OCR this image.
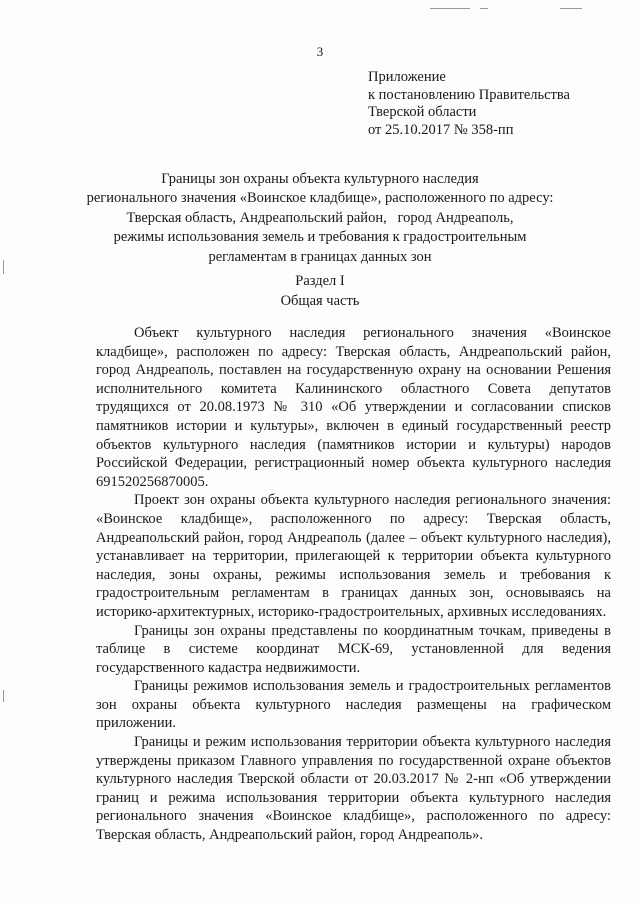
3
Приложение
к постановлению Правительства
Тверской области
от 25.10.2017 № 358-пп
Границы зон охраны объекта культурного наследия
регионального значения «Воинское кладбище», расположенного по адресу:
Тверская область, Андреапольский район,   город Андреаполь,
режимы использования земель и требования к градостроительным
регламентам в границах данных зон
Раздел I
Общая часть

Объект культурного наследия регионального значения «Воинское кладбище», расположен по адресу: Тверская область, Андреапольский район, город Андреаполь, поставлен на государственную охрану на основании Решения исполнительного комитета Калининского областного Совета депутатов трудящихся от 20.08.1973 № 310 «Об утверждении и согласовании списков памятников истории и культуры», включен в единый государственный реестр объектов культурного наследия (памятников истории и культуры) народов Российской Федерации, регистрационный номер объекта культурного наследия 691520256870005.

Проект зон охраны объекта культурного наследия регионального значения: «Воинское кладбище», расположенного по адресу: Тверская область, Андреапольский район, город Андреаполь (далее – объект культурного наследия), устанавливает на территории, прилегающей к территории объекта культурного наследия, зоны охраны, режимы использования земель и требования к градостроительным регламентам в границах данных зон, основываясь на историко-архитектурных, историко-градостроительных, архивных исследованиях.

Границы зон охраны представлены по координатным точкам, приведены в таблице в системе координат МСК-69, установленной для ведения государственного кадастра недвижимости.

Границы режимов использования земель и градостроительных регламентов зон охраны объекта культурного наследия размещены на графическом приложении.

Границы и режим использования территории объекта культурного наследия утверждены приказом Главного управления по государственной охране объектов культурного наследия Тверской области от 20.03.2017 № 2-нп «Об утверждении границ и режима использования территории объекта культурного наследия регионального значения «Воинское кладбище», расположенного по адресу: Тверская область, Андреапольский район, город Андреаполь».
